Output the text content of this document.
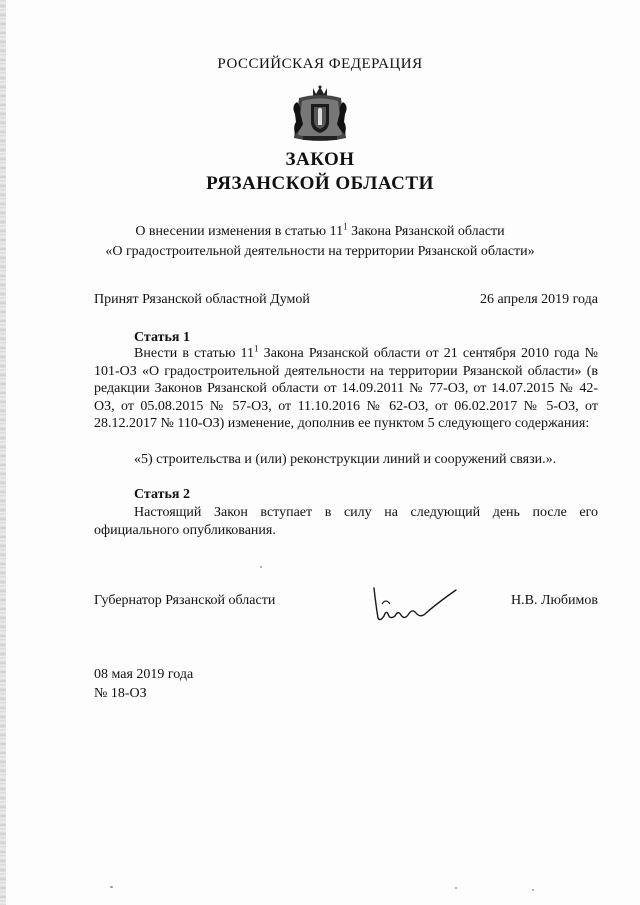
РОССИЙСКАЯ ФЕДЕРАЦИЯ
ЗАКОН
РЯЗАНСКОЙ ОБЛАСТИ
О внесении изменения в статью $11^1$ Закона Рязанской области
«О градостроительной деятельности на территории Рязанской области»
Принят Рязанской областной Думой	26 апреля 2019 года
Статья 1
Внести в статью $11^1$ Закона Рязанской области от 21 сентября 2010 года № 101-ОЗ «О градостроительной деятельности на территории Рязанской области» (в редакции Законов Рязанской области от 14.09.2011 № 77-ОЗ, от 14.07.2015 № 42-ОЗ, от 05.08.2015 № 57-ОЗ, от 11.10.2016 № 62-ОЗ, от 06.02.2017 № 5-ОЗ, от 28.12.2017 № 110-ОЗ) изменение, дополнив ее пунктом 5 следующего содержания:
«5) строительства и (или) реконструкции линий и сооружений связи.».
Статья 2
Настоящий Закон вступает в силу на следующий день после его официального опубликования.
Губернатор Рязанской области	Н.В. Любимов
08 мая 2019 года
№ 18-ОЗ
